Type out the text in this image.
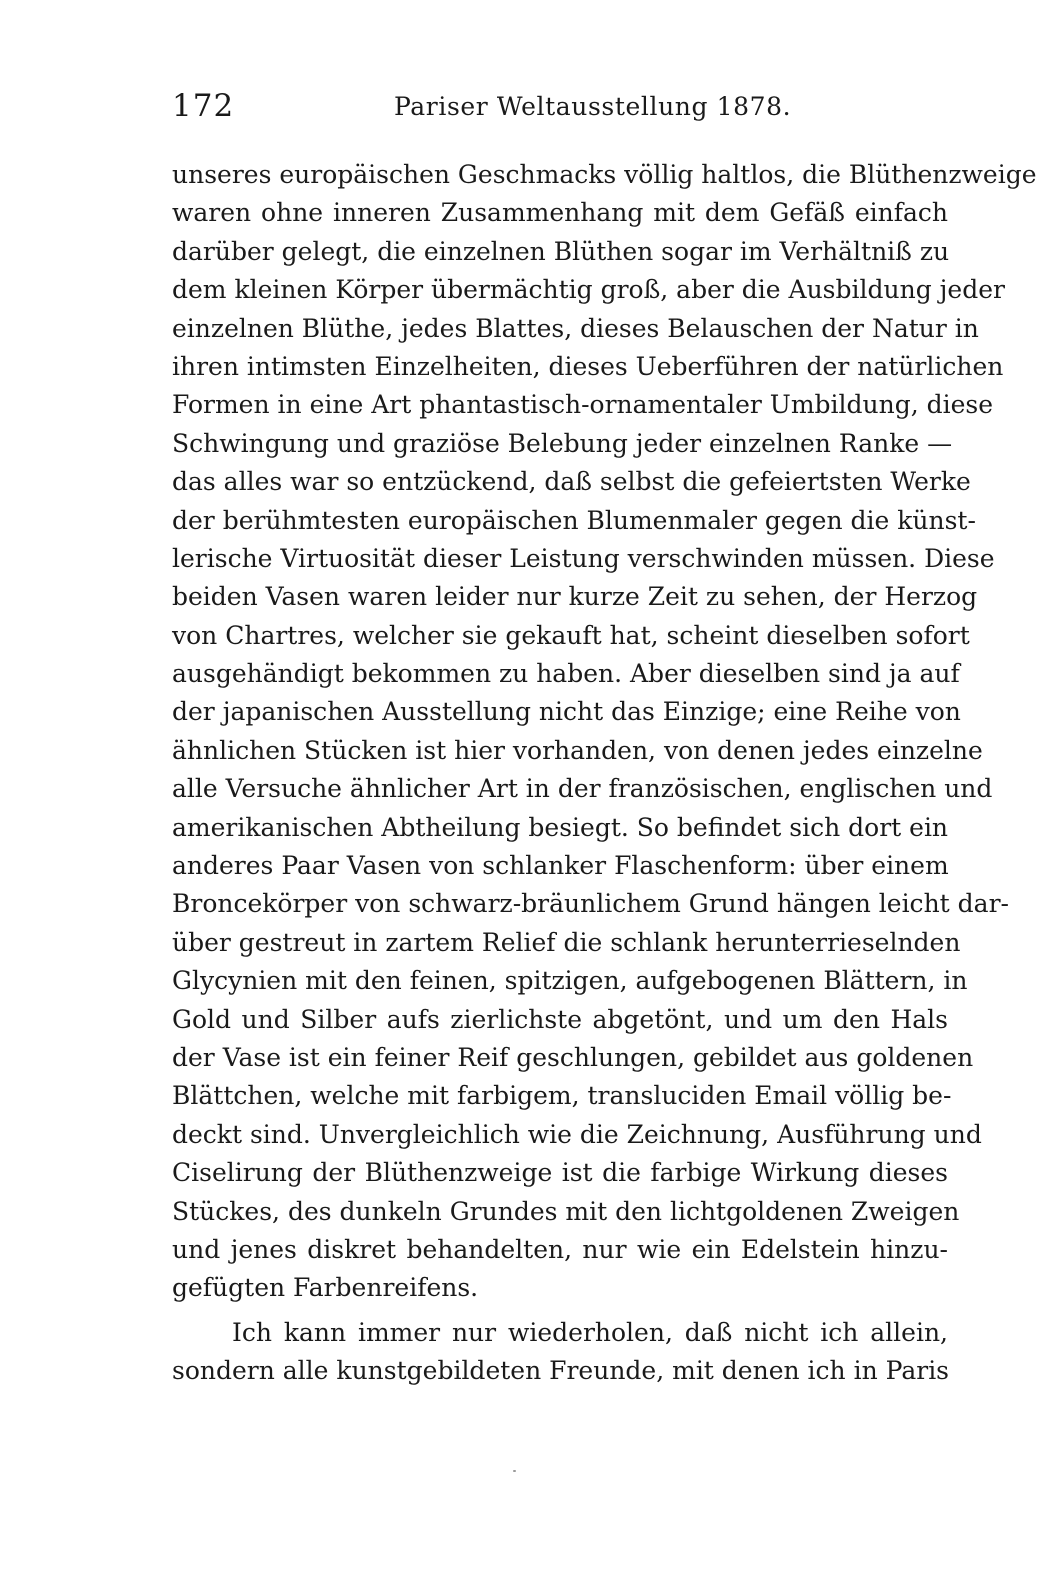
172	Pariser Weltausstellung 1878.
unseres europäischen Geschmacks völlig haltlos, die Blüthenzweige
waren ohne inneren Zusammenhang mit dem Gefäß einfach
darüber gelegt, die einzelnen Blüthen sogar im Verhältniß zu
dem kleinen Körper übermächtig groß, aber die Ausbildung jeder
einzelnen Blüthe, jedes Blattes, dieses Belauschen der Natur in
ihren intimsten Einzelheiten, dieses Ueberführen der natürlichen
Formen in eine Art phantastisch-ornamentaler Umbildung, diese
Schwingung und graziöse Belebung jeder einzelnen Ranke —
das alles war so entzückend, daß selbst die gefeiertsten Werke
der berühmtesten europäischen Blumenmaler gegen die künst-
lerische Virtuosität dieser Leistung verschwinden müssen. Diese
beiden Vasen waren leider nur kurze Zeit zu sehen, der Herzog
von Chartres, welcher sie gekauft hat, scheint dieselben sofort
ausgehändigt bekommen zu haben. Aber dieselben sind ja auf
der japanischen Ausstellung nicht das Einzige; eine Reihe von
ähnlichen Stücken ist hier vorhanden, von denen jedes einzelne
alle Versuche ähnlicher Art in der französischen, englischen und
amerikanischen Abtheilung besiegt. So befindet sich dort ein
anderes Paar Vasen von schlanker Flaschenform: über einem
Broncekörper von schwarz-bräunlichem Grund hängen leicht dar-
über gestreut in zartem Relief die schlank herunterrieselnden
Glycynien mit den feinen, spitzigen, aufgebogenen Blättern, in
Gold und Silber aufs zierlichste abgetönt, und um den Hals
der Vase ist ein feiner Reif geschlungen, gebildet aus goldenen
Blättchen, welche mit farbigem, transluciden Email völlig be-
deckt sind. Unvergleichlich wie die Zeichnung, Ausführung und
Ciselirung der Blüthenzweige ist die farbige Wirkung dieses
Stückes, des dunkeln Grundes mit den lichtgoldenen Zweigen
und jenes diskret behandelten, nur wie ein Edelstein hinzu-
gefügten Farbenreifens.
Ich kann immer nur wiederholen, daß nicht ich allein,
sondern alle kunstgebildeten Freunde, mit denen ich in Paris
